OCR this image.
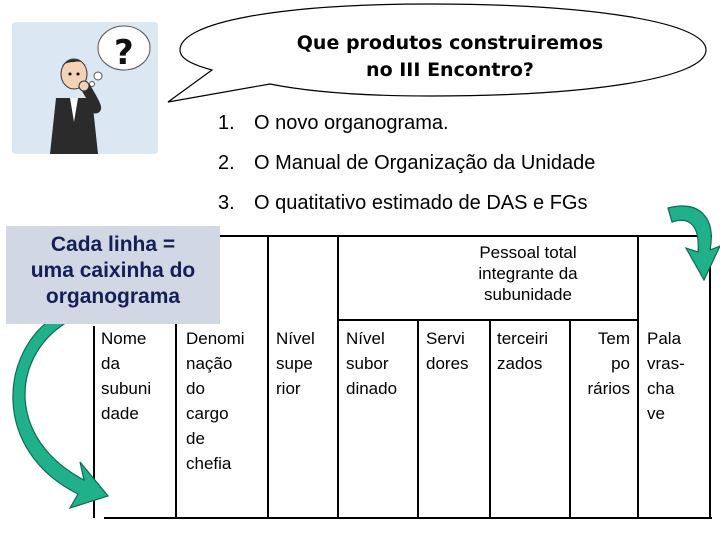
?	Que produtos construiremos
no III Encontro?
1. O novo organograma.
2. O Manual de Organização da Unidade
3. O quatitativo estimado de DAS e FGs
Cada linha =
uma caixinha do
organograma
Pessoal total
integrante da
subunidade
Nome
da
subuni
dade
Denomi
nação
do
cargo
de
chefia
Nível
supe
rior
Nível
subor
dinado
Servi
dores
terceiri
zados
Tem
po
rários
Pala
vras-
cha
ve
